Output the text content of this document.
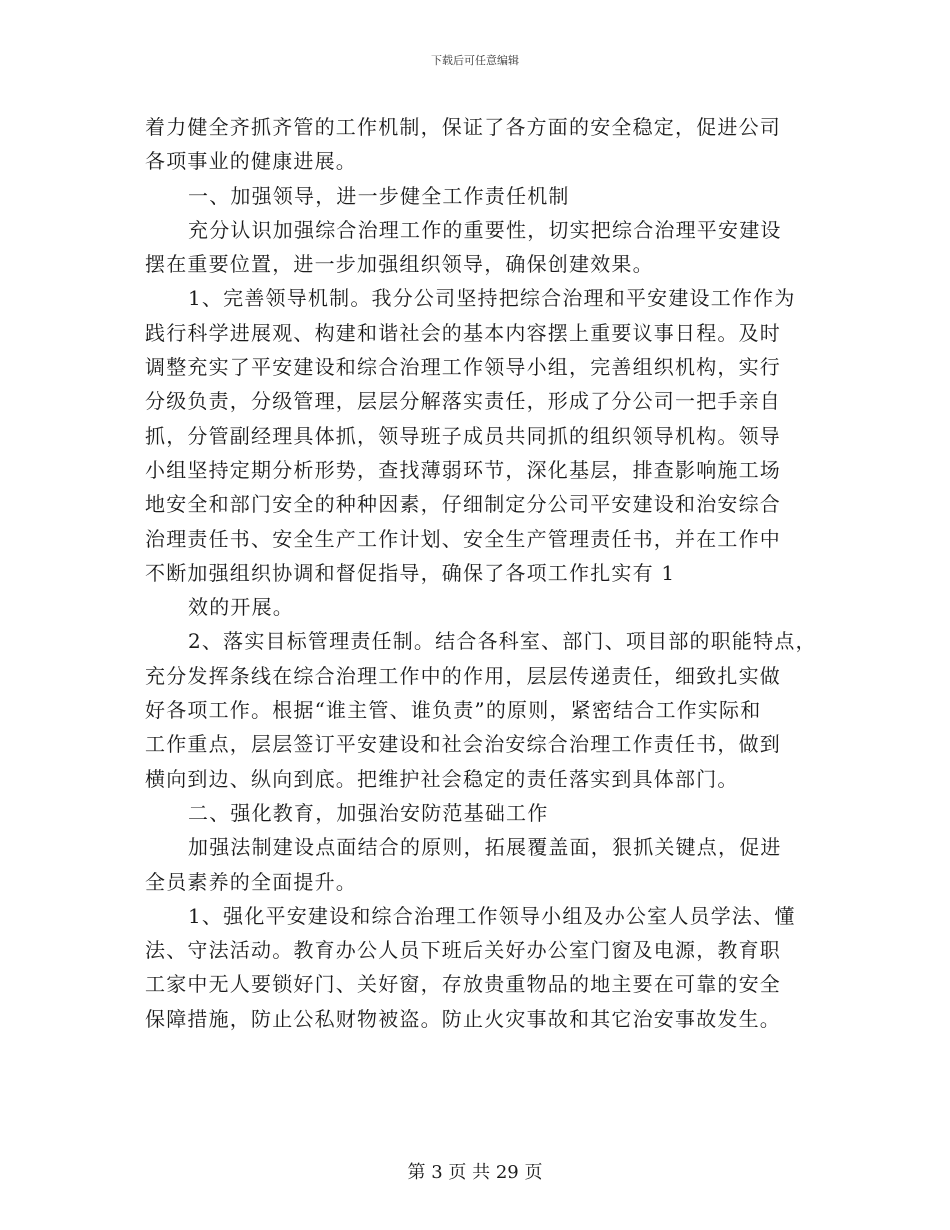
下载后可任意编辑
着力健全齐抓齐管的工作机制，保证了各方面的安全稳定，促进公司
各项事业的健康进展。
一、加强领导，进一步健全工作责任机制
充分认识加强综合治理工作的重要性，切实把综合治理平安建设
摆在重要位置，进一步加强组织领导，确保创建效果。
1、完善领导机制。我分公司坚持把综合治理和平安建设工作作为
践行科学进展观、构建和谐社会的基本内容摆上重要议事日程。及时
调整充实了平安建设和综合治理工作领导小组，完善组织机构，实行
分级负责，分级管理，层层分解落实责任，形成了分公司一把手亲自
抓，分管副经理具体抓，领导班子成员共同抓的组织领导机构。领导
小组坚持定期分析形势，查找薄弱环节，深化基层，排查影响施工场
地安全和部门安全的种种因素，仔细制定分公司平安建设和治安综合
治理责任书、安全生产工作计划、安全生产管理责任书，并在工作中
不断加强组织协调和督促指导，确保了各项工作扎实有 1
效的开展。
2、落实目标管理责任制。结合各科室、部门、项目部的职能特点，
充分发挥条线在综合治理工作中的作用，层层传递责任，细致扎实做
好各项工作。根据“谁主管、谁负责”的原则，紧密结合工作实际和
工作重点，层层签订平安建设和社会治安综合治理工作责任书，做到
横向到边、纵向到底。把维护社会稳定的责任落实到具体部门。
二、强化教育，加强治安防范基础工作
加强法制建设点面结合的原则，拓展覆盖面，狠抓关键点，促进
全员素养的全面提升。
1、强化平安建设和综合治理工作领导小组及办公室人员学法、懂
法、守法活动。教育办公人员下班后关好办公室门窗及电源，教育职
工家中无人要锁好门、关好窗，存放贵重物品的地主要在可靠的安全
保障措施，防止公私财物被盗。防止火灾事故和其它治安事故发生。
第 3 页 共 29 页
